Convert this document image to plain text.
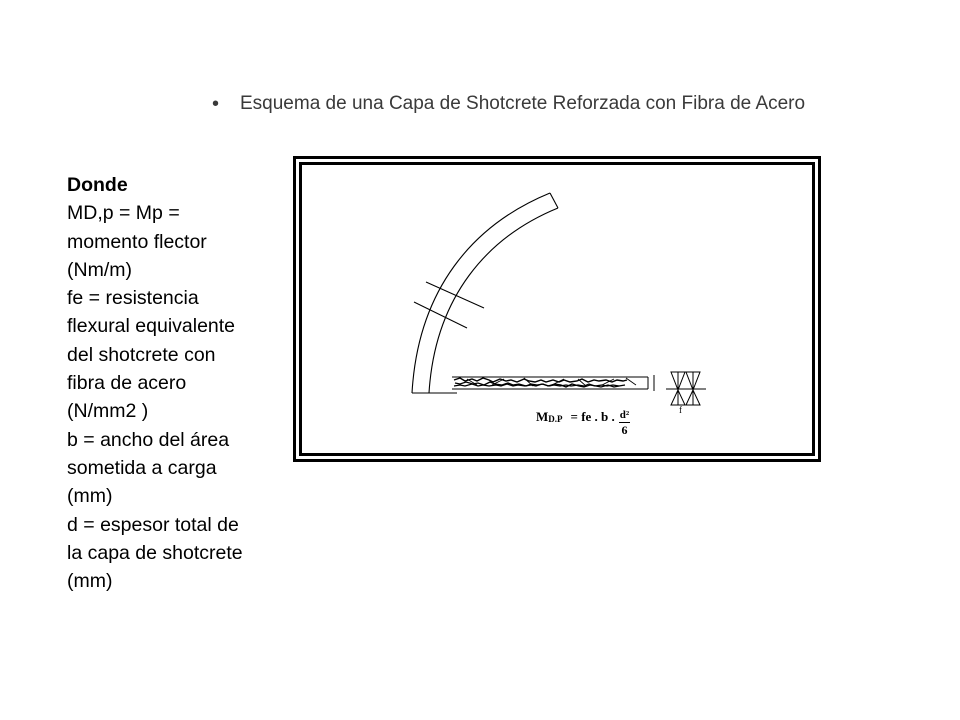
•	Esquema de una Capa de Shotcrete Reforzada con Fibra de Acero
Donde
MD,p = Mp =
momento flector
(Nm/m)
fe = resistencia
flexural equivalente
del shotcrete con
fibra de acero
(N/mm2 )
b = ancho del área
sometida a carga
(mm)
d = espesor total de
la capa de shotcrete
(mm)
f
M D.P = fe . b . $\frac{\text{d²}}{6}$
